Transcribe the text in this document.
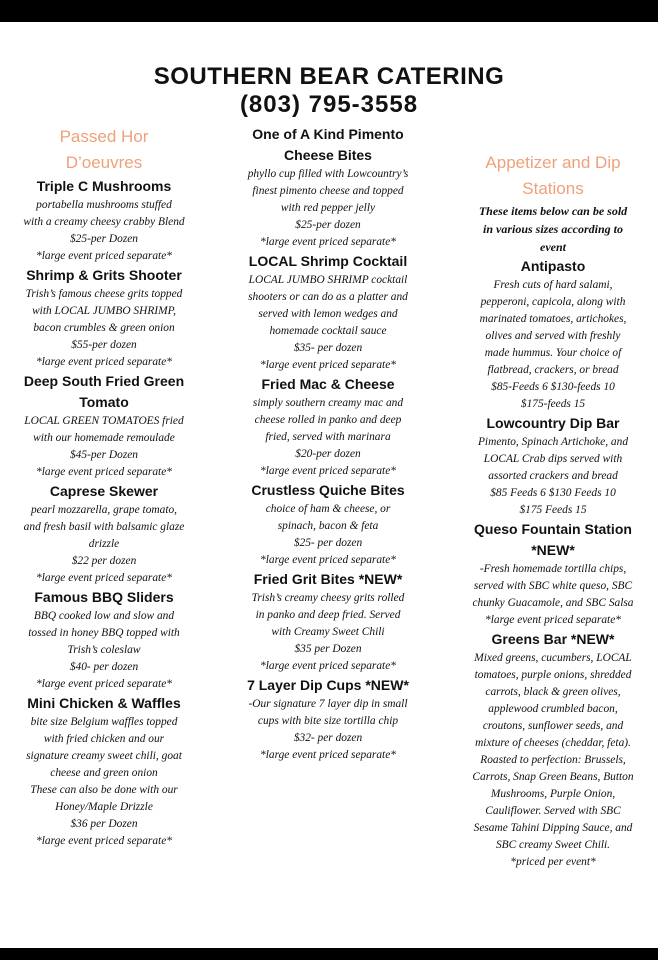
SOUTHERN BEAR CATERING
(803) 795-3558
Passed Hor
D’oeuvres
Triple C Mushrooms
portabella mushrooms stuffed
with a creamy cheesy crabby Blend
$25-per Dozen
*large event priced separate*
Shrimp & Grits Shooter
Trish’s famous cheese grits topped
with LOCAL JUMBO SHRIMP,
bacon crumbles & green onion
$55-per dozen
*large event priced separate*
Deep South Fried Green
Tomato
LOCAL GREEN TOMATOES fried
with our homemade remoulade
$45-per Dozen
*large event priced separate*
Caprese Skewer
pearl mozzarella, grape tomato,
and fresh basil with balsamic glaze
drizzle
$22 per dozen
*large event priced separate*
Famous BBQ Sliders
BBQ cooked low and slow and
tossed in honey BBQ topped with
Trish’s coleslaw
$40- per dozen
*large event priced separate*
Mini Chicken & Waffles
bite size Belgium waffles topped
with fried chicken and our
signature creamy sweet chili, goat
cheese and green onion
These can also be done with our
Honey/Maple Drizzle
$36 per Dozen
*large event priced separate*
One of A Kind Pimento
Cheese Bites
phyllo cup filled with Lowcountry’s
finest pimento cheese and topped
with red pepper jelly
$25-per dozen
*large event priced separate*
LOCAL Shrimp Cocktail
LOCAL JUMBO SHRIMP cocktail
shooters or can do as a platter and
served with lemon wedges and
homemade cocktail sauce
$35- per dozen
*large event priced separate*
Fried Mac & Cheese
simply southern creamy mac and
cheese rolled in panko and deep
fried, served with marinara
$20-per dozen
*large event priced separate*
Crustless Quiche Bites
choice of ham & cheese, or
spinach, bacon & feta
$25- per dozen
*large event priced separate*
Fried Grit Bites *NEW*
Trish’s creamy cheesy grits rolled
in panko and deep fried. Served
with Creamy Sweet Chili
$35 per Dozen
*large event priced separate*
7 Layer Dip Cups *NEW*
-Our signature 7 layer dip in small
cups with bite size tortilla chip
$32- per dozen
*large event priced separate*
Appetizer and Dip
Stations
These items below can be sold
in various sizes according to
event
Antipasto
Fresh cuts of hard salami,
pepperoni, capicola, along with
marinated tomatoes, artichokes,
olives and served with freshly
made hummus. Your choice of
flatbread, crackers, or bread
$85-Feeds 6 $130-feeds 10
$175-feeds 15
Lowcountry Dip Bar
Pimento, Spinach Artichoke, and
LOCAL Crab dips served with
assorted crackers and bread
$85 Feeds 6 $130 Feeds 10
$175 Feeds 15
Queso Fountain Station
*NEW*
-Fresh homemade tortilla chips,
served with SBC white queso, SBC
chunky Guacamole, and SBC Salsa
*large event priced separate*
Greens Bar *NEW*
Mixed greens, cucumbers, LOCAL
tomatoes, purple onions, shredded
carrots, black & green olives,
applewood crumbled bacon,
croutons, sunflower seeds, and
mixture of cheeses (cheddar, feta).
Roasted to perfection: Brussels,
Carrots, Snap Green Beans, Button
Mushrooms, Purple Onion,
Cauliflower. Served with SBC
Sesame Tahini Dipping Sauce, and
SBC creamy Sweet Chili.
*priced per event*
